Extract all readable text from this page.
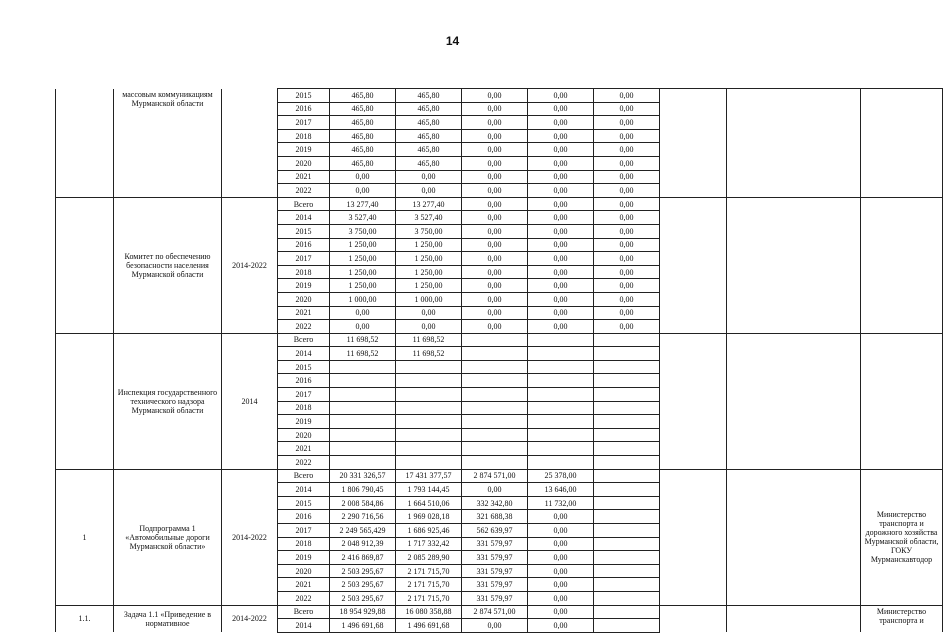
14
	массовым коммуникациям Мурманской области		2015	465,80	465,80	0,00	0,00	0,00			
			2016	465,80	465,80	0,00	0,00	0,00			
			2017	465,80	465,80	0,00	0,00	0,00			
			2018	465,80	465,80	0,00	0,00	0,00			
			2019	465,80	465,80	0,00	0,00	0,00			
			2020	465,80	465,80	0,00	0,00	0,00			
			2021	0,00	0,00	0,00	0,00	0,00			
			2022	0,00	0,00	0,00	0,00	0,00			
	Комитет по обеспечению безопасности населения Мурманской области	2014-2022	Всего	13 277,40	13 277,40	0,00	0,00	0,00			
			2014	3 527,40	3 527,40	0,00	0,00	0,00			
			2015	3 750,00	3 750,00	0,00	0,00	0,00			
			2016	1 250,00	1 250,00	0,00	0,00	0,00			
			2017	1 250,00	1 250,00	0,00	0,00	0,00			
			2018	1 250,00	1 250,00	0,00	0,00	0,00			
			2019	1 250,00	1 250,00	0,00	0,00	0,00			
			2020	1 000,00	1 000,00	0,00	0,00	0,00			
			2021	0,00	0,00	0,00	0,00	0,00			
			2022	0,00	0,00	0,00	0,00	0,00			
	Инспекция государственного технического надзора Мурманской области	2014	Всего	11 698,52	11 698,52						
			2014	11 698,52	11 698,52						
			2015								
			2016								
			2017								
			2018								
			2019								
			2020								
			2021								
			2022								
1	Подпрограмма 1 «Автомобильные дороги Мурманской области»	2014-2022	Всего	20 331 326,57	17 431 377,57	2 874 571,00	25 378,00				Министерство транспорта и дорожного хозяйства Мурманской области, ГОКУ Мурманскавтодор
			2014	1 806 790,45	1 793 144,45	0,00	13 646,00				
			2015	2 008 584,86	1 664 510,06	332 342,80	11 732,00				
			2016	2 290 716,56	1 969 028,18	321 688,38	0,00				
			2017	2 249 565,429	1 686 925,46	562 639,97	0,00				
			2018	2 048 912,39	1 717 332,42	331 579,97	0,00				
			2019	2 416 869,87	2 085 289,90	331 579,97	0,00				
			2020	2 503 295,67	2 171 715,70	331 579,97	0,00				
			2021	2 503 295,67	2 171 715,70	331 579,97	0,00				
			2022	2 503 295,67	2 171 715,70	331 579,97	0,00				
1.1.	Задача 1.1 «Приведение в нормативное	2014-2022	Всего	18 954 929,88	16 080 358,88	2 874 571,00	0,00				Министерство транспорта и
			2014	1 496 691,68	1 496 691,68	0,00	0,00				
